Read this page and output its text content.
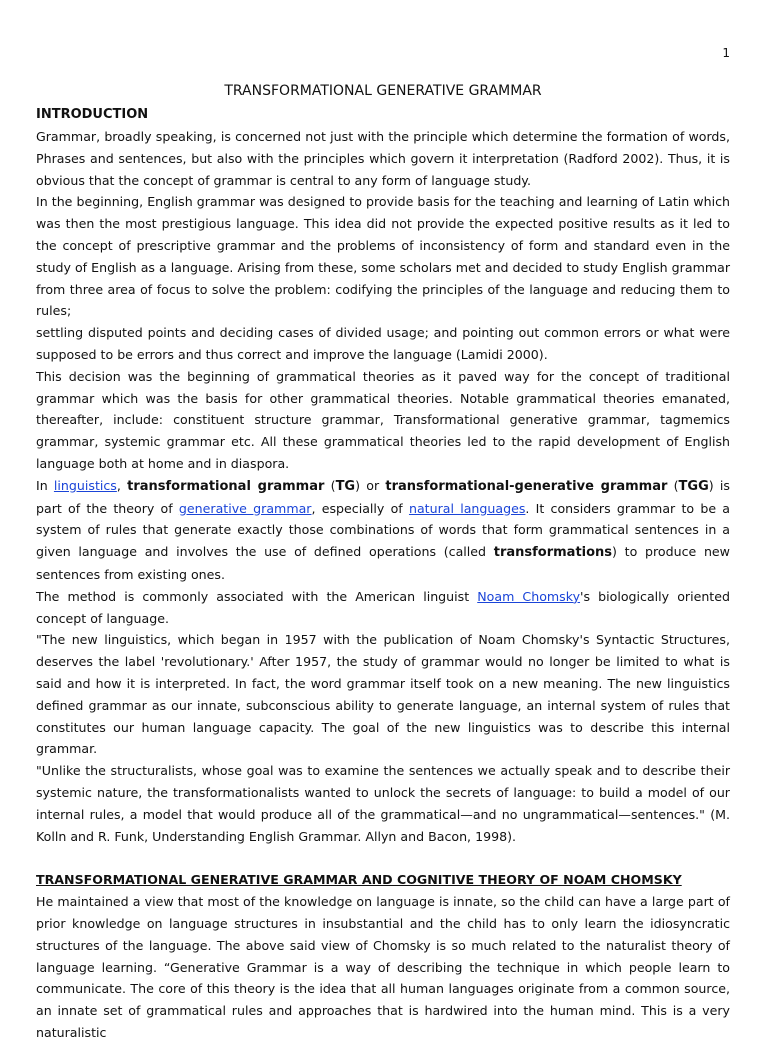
1
TRANSFORMATIONAL GENERATIVE GRAMMAR
INTRODUCTION

Grammar, broadly speaking, is concerned not just with the principle which determine the formation of words, Phrases and sentences, but also with the principles which govern it interpretation (Radford 2002). Thus, it is obvious that the concept of grammar is central to any form of language study.

In the beginning, English grammar was designed to provide basis for the teaching and learning of Latin which was then the most prestigious language. This idea did not provide the expected positive results as it led to the concept of prescriptive grammar and the problems of inconsistency of form and standard even in the study of English as a language. Arising from these, some scholars met and decided to study English grammar from three area of focus to solve the problem: codifying the principles of the language and reducing them to rules;

settling disputed points and deciding cases of divided usage; and pointing out common errors or what were supposed to be errors and thus correct and improve the language (Lamidi 2000).

This decision was the beginning of grammatical theories as it paved way for the concept of traditional grammar which was the basis for other grammatical theories. Notable grammatical theories emanated, thereafter, include: constituent structure grammar, Transformational generative grammar, tagmemics grammar, systemic grammar etc. All these grammatical theories led to the rapid development of English language both at home and in diaspora.

In linguistics, transformational grammar (TG) or transformational-generative grammar (TGG) is part of the theory of generative grammar, especially of natural languages. It considers grammar to be a system of rules that generate exactly those combinations of words that form grammatical sentences in a given language and involves the use of defined operations (called transformations) to produce new sentences from existing ones.

The method is commonly associated with the American linguist Noam Chomsky's biologically oriented concept of language.

"The new linguistics, which began in 1957 with the publication of Noam Chomsky's Syntactic Structures, deserves the label 'revolutionary.' After 1957, the study of grammar would no longer be limited to what is said and how it is interpreted. In fact, the word grammar itself took on a new meaning. The new linguistics defined grammar as our innate, subconscious ability to generate language, an internal system of rules that constitutes our human language capacity. The goal of the new linguistics was to describe this internal grammar.

"Unlike the structuralists, whose goal was to examine the sentences we actually speak and to describe their systemic nature, the transformationalists wanted to unlock the secrets of language: to build a model of our internal rules, a model that would produce all of the grammatical—and no ungrammatical—sentences." (M. Kolln and R. Funk, Understanding English Grammar. Allyn and Bacon, 1998).

TRANSFORMATIONAL GENERATIVE GRAMMAR AND COGNITIVE THEORY OF NOAM CHOMSKY

He maintained a view that most of the knowledge on language is innate, so the child can have a large part of prior knowledge on language structures in insubstantial and the child has to only learn the idiosyncratic structures of the language. The above said view of Chomsky is so much related to the naturalist theory of language learning. “Generative Grammar is a way of describing the technique in which people learn to communicate. The core of this theory is the idea that all human languages originate from a common source, an innate set of grammatical rules and approaches that is hardwired into the human mind. This is a very naturalistic
